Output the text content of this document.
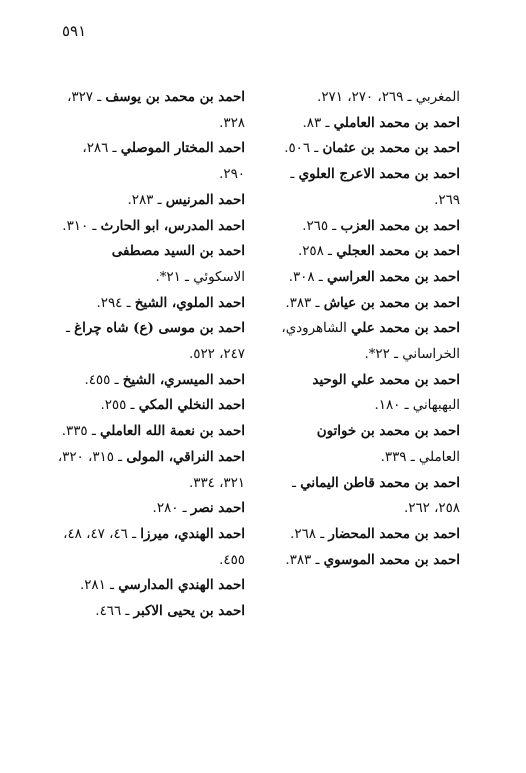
٥٩١
المغربي ـ ٢٦٩، ٢٧٠، ٢٧١.
احمد بن محمد العاملي ـ ٨٣.
احمد بن محمد بن عثمان ـ ٥٠٦.
احمد بن محمد الاعرج العلوي ـ ٢٦٩.
احمد بن محمد العزب ـ ٢٦٥.
احمد بن محمد العجلي ـ ٢٥٨.
احمد بن محمد العراسي ـ ٣٠٨.
احمد بن محمد بن عياش ـ ٣٨٣.
احمد بن محمد علي الشاهرودي، الخراساني ـ ٢٢*.
احمد بن محمد علي الوحيد البهبهاني ـ ١٨٠.
احمد بن محمد بن خواتون العاملي ـ ٣٣٩.
احمد بن محمد قاطن اليماني ـ ٢٥٨، ٢٦٢.
احمد بن محمد المحضار ـ ٢٦٨.
احمد بن محمد الموسوي ـ ٣٨٣.
احمد بن محمد بن يوسف ـ ٣٢٧، ٣٢٨.
احمد المختار الموصلي ـ ٢٨٦، ٢٩٠.
احمد المرنيس ـ ٢٨٣.
احمد المدرس، ابو الحارث ـ ٣١٠.
احمد بن السيد مصطفى الاسكوئي ـ ٢١*.
احمد الملوي، الشيخ ـ ٢٩٤.
احمد بن موسى (ع) شاه چراغ ـ ٢٤٧، ٥٢٢.
احمد الميسري، الشيخ ـ ٤٥٥.
احمد النخلي المكي ـ ٢٥٥.
احمد بن نعمة الله العاملي ـ ٣٣٥.
احمد النراقي، المولى ـ ٣١٥، ٣٢٠، ٣٢١، ٣٣٤.
احمد نصر ـ ٢٨٠.
احمد الهندي، ميرزا ـ ٤٦، ٤٧، ٤٨، ٤٥٥.
احمد الهندي المدارسي ـ ٢٨١.
احمد بن يحيى الاكبر ـ ٤٦٦.
